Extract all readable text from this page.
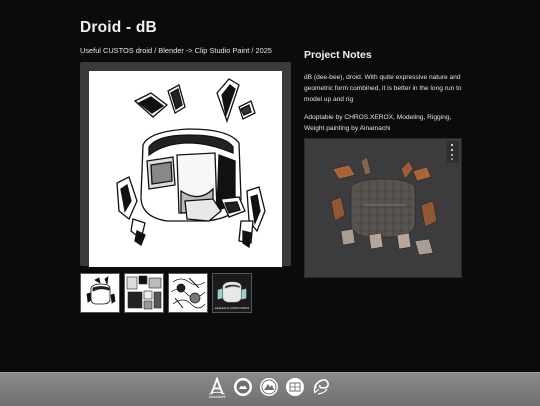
Droid - dB
Useful CUSTOS droid / Blender -> Clip Studio Paint / 2025
adoptable by CHROS.XEROX
Project Notes

dB (dee-bee), droid. With quite expressive nature and geometric form combined, it is better in the long run to model up and rig

Adoptable by CHROS.XEROX, Modeling, Rigging, Weight painting by Ainamachi

Ainamachi
